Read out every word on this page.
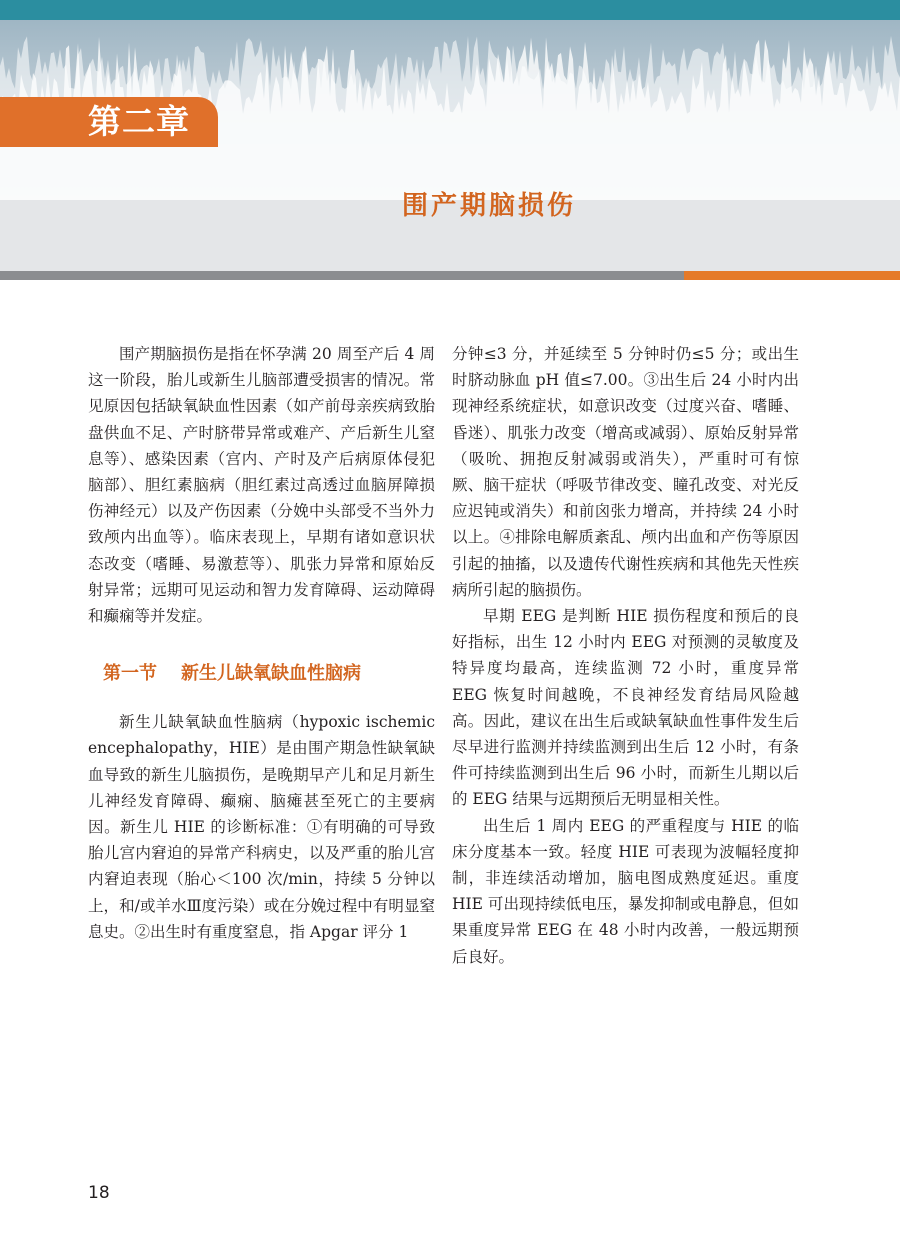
第二章
围产期脑损伤

围产期脑损伤是指在怀孕满 20 周至产后 4 周这一阶段，胎儿或新生儿脑部遭受损害的情况。常见原因包括缺氧缺血性因素（如产前母亲疾病致胎盘供血不足、产时脐带异常或难产、产后新生儿窒息等）、感染因素（宫内、产时及产后病原体侵犯脑部）、胆红素脑病（胆红素过高透过血脑屏障损伤神经元）以及产伤因素（分娩中头部受不当外力致颅内出血等）。临床表现上，早期有诸如意识状态改变（嗜睡、易激惹等）、肌张力异常和原始反射异常；远期可见运动和智力发育障碍、运动障碍和癫痫等并发症。

第一节 新生儿缺氧缺血性脑病

新生儿缺氧缺血性脑病（hypoxic ischemic encephalopathy，HIE）是由围产期急性缺氧缺血导致的新生儿脑损伤，是晚期早产儿和足月新生儿神经发育障碍、癫痫、脑瘫甚至死亡的主要病因。新生儿 HIE 的诊断标准：①有明确的可导致胎儿宫内窘迫的异常产科病史，以及严重的胎儿宫内窘迫表现（胎心＜100 次/min，持续 5 分钟以上，和/或羊水Ⅲ度污染）或在分娩过程中有明显窒息史。②出生时有重度窒息，指 Apgar 评分 1

分钟≤3 分，并延续至 5 分钟时仍≤5 分；或出生时脐动脉血 pH 值≤7.00。③出生后 24 小时内出现神经系统症状，如意识改变（过度兴奋、嗜睡、昏迷）、肌张力改变（增高或减弱）、原始反射异常（吸吮、拥抱反射减弱或消失），严重时可有惊厥、脑干症状（呼吸节律改变、瞳孔改变、对光反应迟钝或消失）和前囟张力增高，并持续 24 小时以上。④排除电解质紊乱、颅内出血和产伤等原因引起的抽搐，以及遗传代谢性疾病和其他先天性疾病所引起的脑损伤。

早期 EEG 是判断 HIE 损伤程度和预后的良好指标，出生 12 小时内 EEG 对预测的灵敏度及特异度均最高，连续监测 72 小时，重度异常 EEG 恢复时间越晚，不良神经发育结局风险越高。因此，建议在出生后或缺氧缺血性事件发生后尽早进行监测并持续监测到出生后 12 小时，有条件可持续监测到出生后 96 小时，而新生儿期以后的 EEG 结果与远期预后无明显相关性。

出生后 1 周内 EEG 的严重程度与 HIE 的临床分度基本一致。轻度 HIE 可表现为波幅轻度抑制，非连续活动增加，脑电图成熟度延迟。重度 HIE 可出现持续低电压，暴发抑制或电静息，但如果重度异常 EEG 在 48 小时内改善，一般远期预后良好。

18
